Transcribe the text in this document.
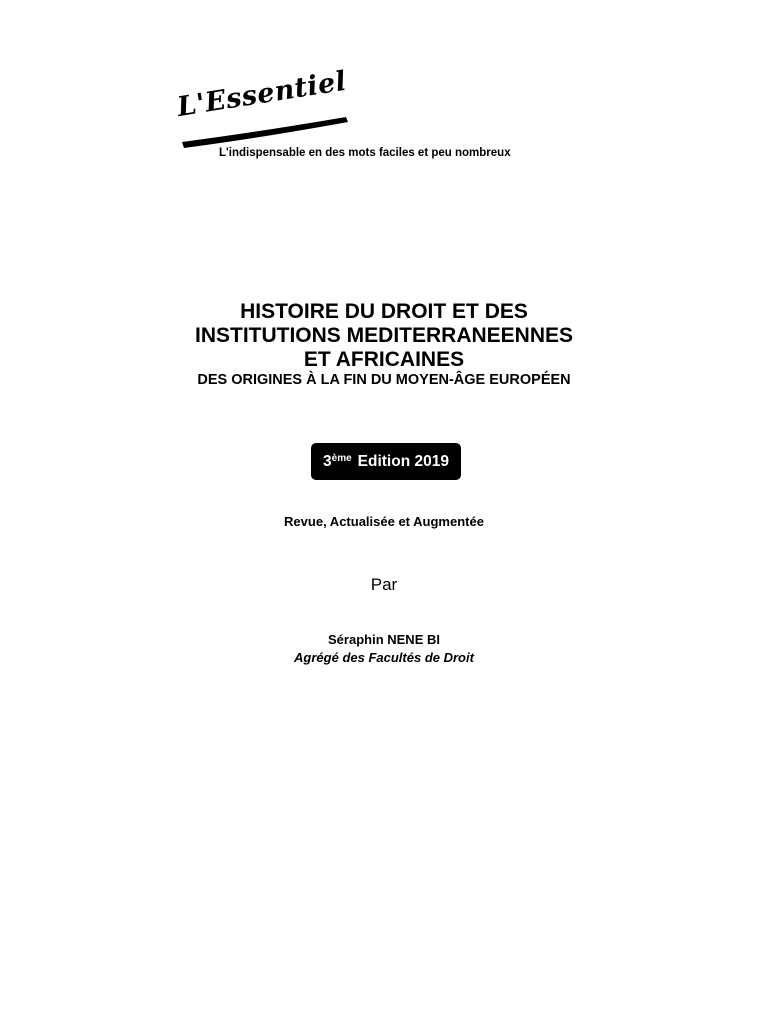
L'Essentiel
L'indispensable en des mots faciles et peu nombreux

HISTOIRE DU DROIT ET DES

INSTITUTIONS MEDITERRANEENNES

ET AFRICAINES

DES ORIGINES À LA FIN DU MOYEN-ÂGE EUROPÉEN
3ème Edition 2019
Revue, Actualisée et Augmentée
Par
Séraphin NENE BI
Agrégé des Facultés de Droit
